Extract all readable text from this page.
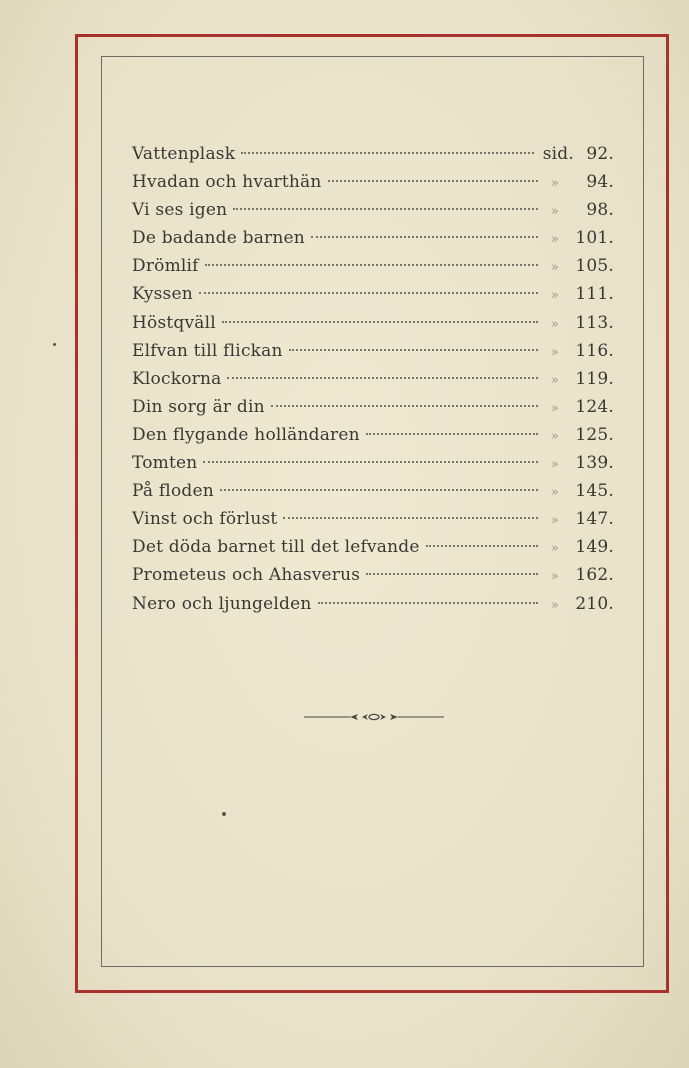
Vattenplask	sid. 92.
Hvadan och hvarthän	»	94.
Vi ses igen	»	98.
De badande barnen	» 101.
Drömlif	» 105.
Kyssen	» 111.
Höstqväll	» 113.
Elfvan till flickan	» 116.
Klockorna	» 119.
Din sorg är din	» 124.
Den flygande holländaren	» 125.
Tomten	» 139.
På floden	» 145.
Vinst och förlust	» 147.
Det döda barnet till det lefvande	» 149.
Prometeus och Ahasverus	» 162.
Nero och ljungelden	» 210.
